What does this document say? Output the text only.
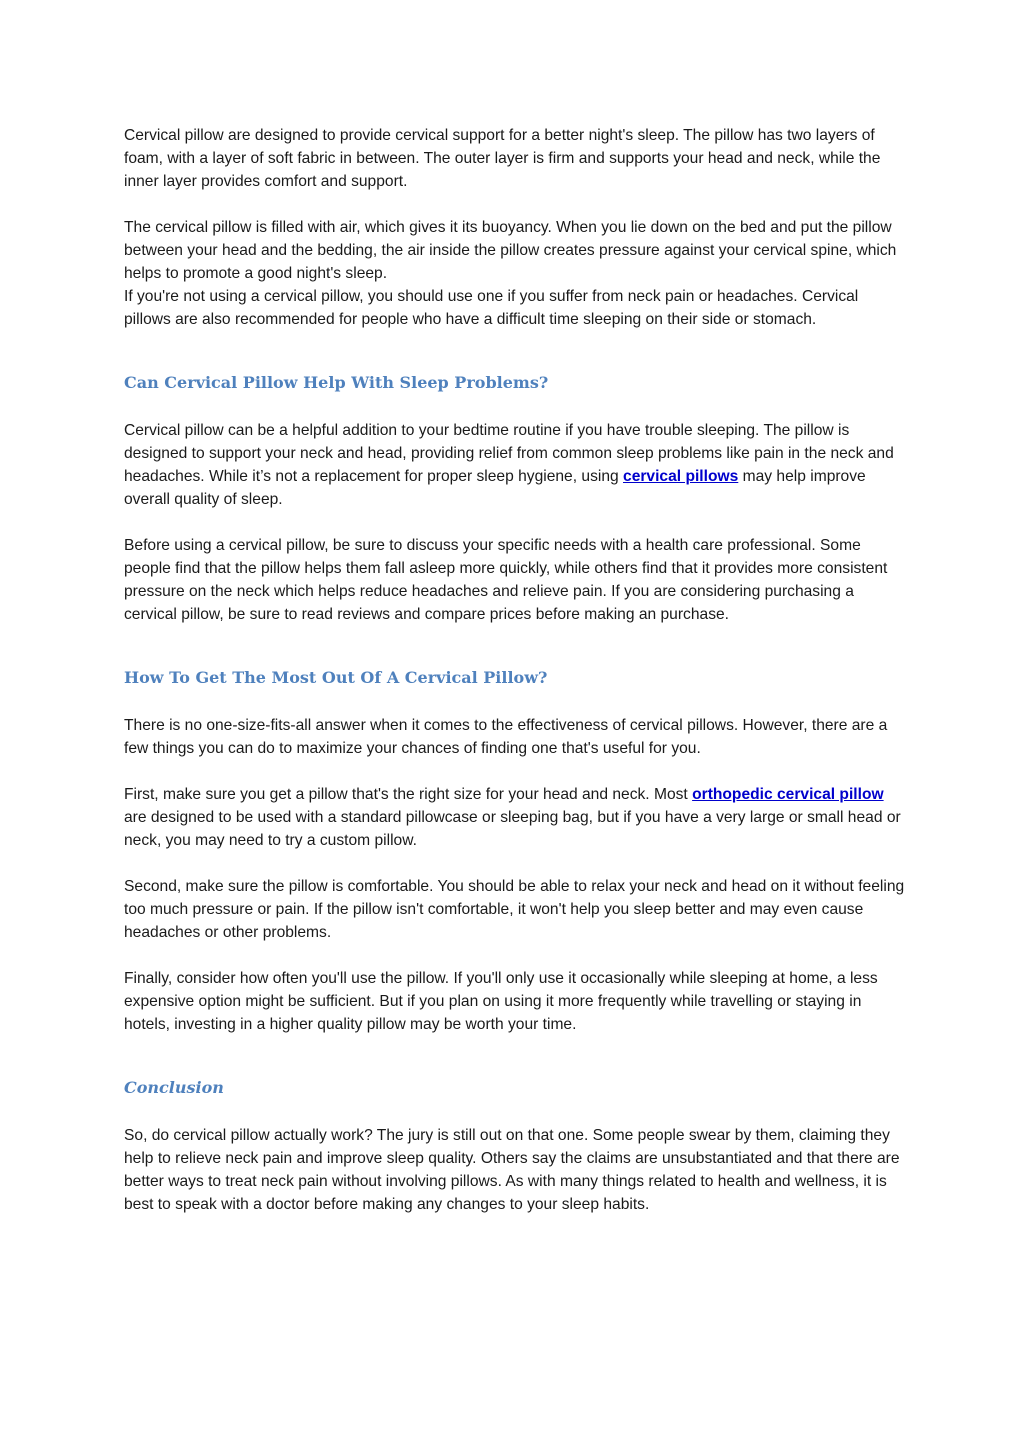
Cervical pillow are designed to provide cervical support for a better night's sleep. The pillow has two layers of foam, with a layer of soft fabric in between. The outer layer is firm and supports your head and neck, while the inner layer provides comfort and support.

The cervical pillow is filled with air, which gives it its buoyancy. When you lie down on the bed and put the pillow between your head and the bedding, the air inside the pillow creates pressure against your cervical spine, which helps to promote a good night's sleep.

If you're not using a cervical pillow, you should use one if you suffer from neck pain or headaches. Cervical pillows are also recommended for people who have a difficult time sleeping on their side or stomach.

Can Cervical Pillow Help With Sleep Problems?

Cervical pillow can be a helpful addition to your bedtime routine if you have trouble sleeping. The pillow is designed to support your neck and head, providing relief from common sleep problems like pain in the neck and headaches. While it’s not a replacement for proper sleep hygiene, using cervical pillows may help improve overall quality of sleep.

Before using a cervical pillow, be sure to discuss your specific needs with a health care professional. Some people find that the pillow helps them fall asleep more quickly, while others find that it provides more consistent pressure on the neck which helps reduce headaches and relieve pain. If you are considering purchasing a cervical pillow, be sure to read reviews and compare prices before making an purchase.

How To Get The Most Out Of A Cervical Pillow?

There is no one-size-fits-all answer when it comes to the effectiveness of cervical pillows. However, there are a few things you can do to maximize your chances of finding one that's useful for you.

First, make sure you get a pillow that's the right size for your head and neck. Most orthopedic cervical pillow are designed to be used with a standard pillowcase or sleeping bag, but if you have a very large or small head or neck, you may need to try a custom pillow.

Second, make sure the pillow is comfortable. You should be able to relax your neck and head on it without feeling too much pressure or pain. If the pillow isn't comfortable, it won't help you sleep better and may even cause headaches or other problems.

Finally, consider how often you'll use the pillow. If you'll only use it occasionally while sleeping at home, a less expensive option might be sufficient. But if you plan on using it more frequently while travelling or staying in hotels, investing in a higher quality pillow may be worth your time.

Conclusion

So, do cervical pillow actually work? The jury is still out on that one. Some people swear by them, claiming they help to relieve neck pain and improve sleep quality. Others say the claims are unsubstantiated and that there are better ways to treat neck pain without involving pillows. As with many things related to health and wellness, it is best to speak with a doctor before making any changes to your sleep habits.
